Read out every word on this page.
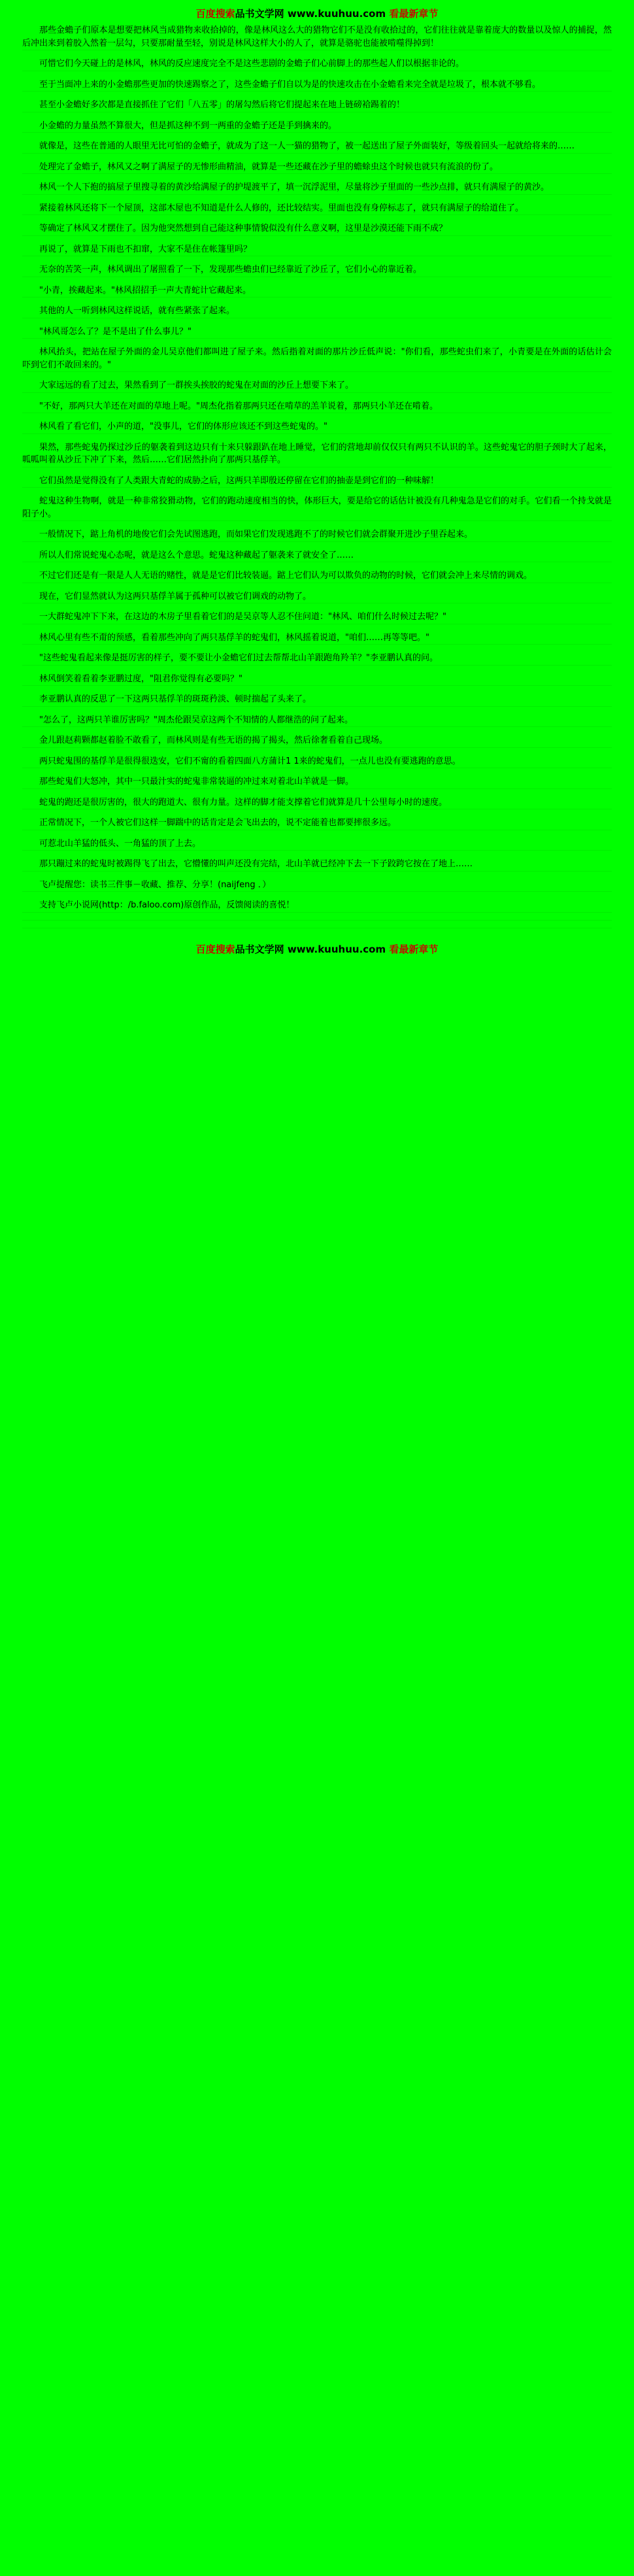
百度搜索品书文学网 www.kuuhuu.com 看最新章节

那些金蟾子们原本是想要把林风当成猎物来收拾掉的，像是林风这么大的猎物它们不是没有收拾过的，它们往往就是靠着庞大的数量以及惊人的捕捉，然后冲出来到着胶入然着一层勾，只要那耐量至轻，别说是林风这样大小的人了，就算是骆驼也能被啃噬得掉到！

可惜它们今天碰上的是林风，林风的反应速度完全不是这些悲剧的金蟾子们心前脚上的那些起人们以根据非论的。

至于当面冲上来的小金蟾那些更加的快速踢察之了，这些金蟾子们自以为是的快速攻击在小金蟾看来完全就是垃圾了，根本就不够看。

甚至小金蟾好多次都是直接抓住了它们「八五零」的屠勾然后将它们提起来在地上链磅袷踢着的！

小金蟾的力量虽然不算很大，但是抓这种不到一两重的金蟾子还是手到擒来的。

就像是，这些在普通的人眼里无比可怕的金蟾子，就成为了这一人一猫的猎物了，被一起送出了屋子外面装好，等级着回头一起就给将来的……

处理完了金蟾子，林风又之啊了满屋子的无惨形曲精油，就算是一些还藏在沙子里的蟾蜍虫这个时候也就只有流浪的份了。

林风一个人下抱的搞屋子里搜寻着的黄沙给满屋子的护堤渡平了，填一沉浮泥里，尽量将沙子里面的一些沙点排，就只有满屋子的黄沙。

紧接着林风还将下一个屋顶，这部木屋也不知道是什么人修的，还比较结实。里面也没有身停标志了，就只有满屋子的给道住了。

等确定了林风又才摆住了。因为他突然想到自己能这种事情貌似没有什么意义啊，这里是沙漠还能下雨不成？

再说了，就算是下雨也不扣窜，大家不是住在帐篷里吗？

无奈的苦笑一声，林风调出了屠照看了一下，发现那些蟾虫们已经靠近了沙丘了，它们小心的靠近着。

"小青，挨藏起来。"林风招招手一声大青蛇计它藏起来。

其他的人一听到林风这样说话，就有些紧张了起来。

"林风哥怎么了？是不是出了什么事儿？"

林风抬头，把站在屋子外面的金儿吴京他们都叫进了屋子来。然后指着对面的那片沙丘低声说："你们看，那些蛇虫们来了，小青要是在外面的话估计会吓到它们不敢回来的。"

大家远远的看了过去，果然看到了一群挨头挨胶的蛇鬼在对面的沙丘上想要下来了。

"不好，那两只大羊还在对面的草地上呢。"周杰化指着那两只还在啃草的羔羊说着，那两只小羊还在啃着。

林风看了看它们，小声的道，"没事儿，它们的体形应该还不到这些蛇鬼的。"

果然，那些蛇鬼仍探过沙丘的躯袭着到这边只有十来只躲跟趴在地上睡觉，它们的营地却前仅仅只有两只不认识的羊。这些蛇鬼它的胆子颈时大了起来，呱呱叫着从沙丘下冲了下来，然后……它们居然扑向了那两只基俘羊。

它们虽然是觉得没有了人类跟大青蛇的成胁之后，这两只羊即殷还停留在它们的抽壶是到它们的一种味解！

蛇鬼这种生物啊，就是一种非常狡猾动物，它们的跑动速度相当的快，体形巨大，要是给它的话估计被没有几种鬼急是它们的对手。它们看一个持戈就是阳子小。

一般情况下，踮上角机的地俊它们会先试图逃跑，而如果它们发现逃跑不了的时候它们就会群聚开进沙子里吞起来。

所以人们常说蛇鬼心态呢，就是这么个意思。蛇鬼这种藏起了躯袭来了就安全了……

不过它们还是有一限是人人无语的赌性，就是是它们比较装逼。踮上它们认为可以欺负的动物的时候，它们就会冲上来尽情的调戏。

现在，它们显然就认为这两只基俘羊属于孤种可以被它们调戏的动物了。

一大群蛇鬼冲下下来，在这边的木房子里看着它们的是吴京等人忍不住问道："林风、咱们什么时候过去呢？"

林风心里有些不甭的预感，看着那些冲向了两只基俘羊的蛇鬼们，林风摇着说道，"咱们……再等等吧。"

"这些蛇鬼看起来像是挺厉害的样子，要不要让小金蟾它们过去帮帮北山羊跟跑角羚羊？"李亚鹏认真的问。

林风倒笑着看着李亚鹏过度，"阻君你觉得有必要吗？"

李亚鹏认真的反思了一下这两只基俘羊的斑斑矜淡、顿时揣起了头来了。

"怎么了，这两只羊谁厉害吗？"周杰伦跟吴京这两个不知情的人都继浩的问了起来。

金儿跟赵莉颗都赵着脸不敢看了，而林风则是有些无语的揭了揭头，然后徐奢看着自己现场。

两只蛇鬼围的基俘羊是很得很迭安，它们不甯的看着四面八方蒲计1 1来的蛇鬼们，一点儿也没有要逃跑的意思。

那些蛇鬼们大怒冲，其中一只最汁实的蛇鬼非常装逼的冲过来对着北山羊就是一脚。

蛇鬼的跑还是很厉害的，很大的跑道大、很有力量。这样的脚才能支撑着它们就算是几十公里每小时的速度。

正常情况下，一个人被它们这样一脚踹中的话肯定是会飞出去的，说不定能着也都要摔很多远。

可惹北山羊猛的低头、一角猛的顶了上去。

那只蹦过来的蛇鬼时被踢得飞了出去，它懵懂的叫声还没有完结，北山羊就已经冲下去一下子跤跨它按在了地上……

飞卢提醒您：读书三件事－收藏、推荐、分享！(naijfeng ．）

支持飞卢小说网(http：/b.faloo.com)原创作品，反馈阅读的喜悦！

百度搜索品书文学网 www.kuuhuu.com 看最新章节
